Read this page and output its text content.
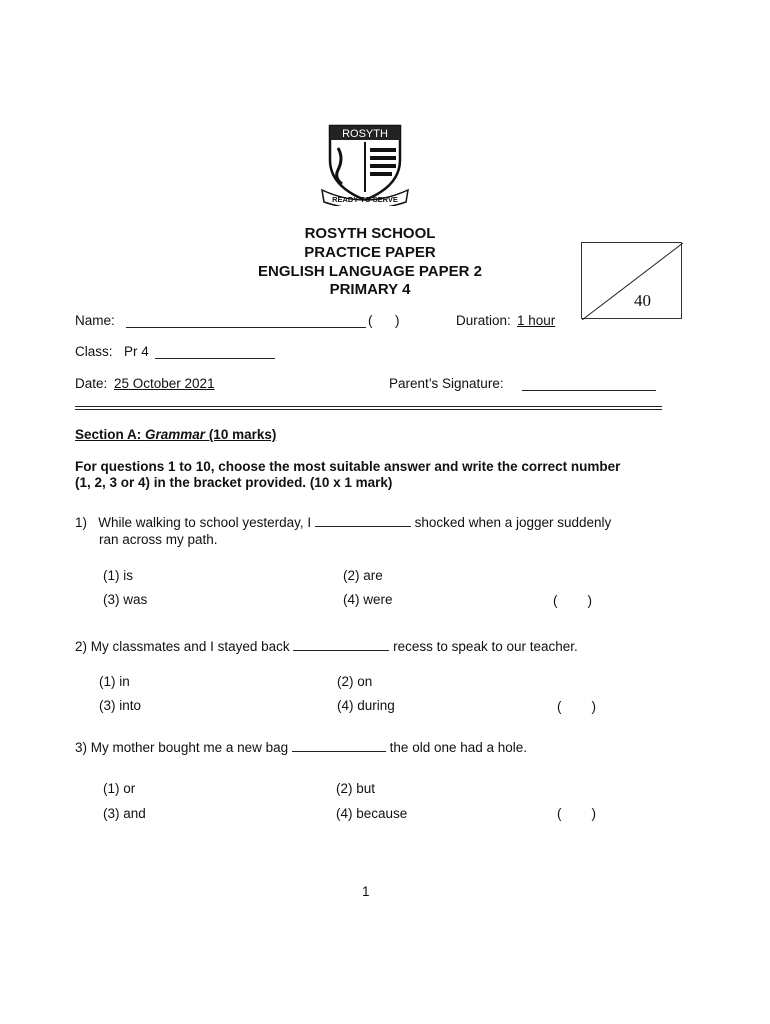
ROSYTH
READY TO SERVE
ROSYTH SCHOOL
PRACTICE PAPER
ENGLISH LANGUAGE PAPER 2
PRIMARY 4
40
Name:	(      )	Duration: 1 hour
Class: Pr 4
Date: 25 October 2021	Parent’s Signature:
Section A: Grammar (10 marks)
For questions 1 to 10, choose the most suitable answer and write the correct number
(1, 2, 3 or 4) in the bracket provided. (10 x 1 mark)
1) While walking to school yesterday, I	shocked when a jogger suddenly
ran across my path.
(1) is	(2) are
(3) was	(4) were	(        )
2) My classmates and I stayed back	recess to speak to our teacher.
(1) in	(2) on
(3) into	(4) during	(        )
3) My mother bought me a new bag	the old one had a hole.
(1) or	(2) but
(3) and	(4) because	(        )
1
